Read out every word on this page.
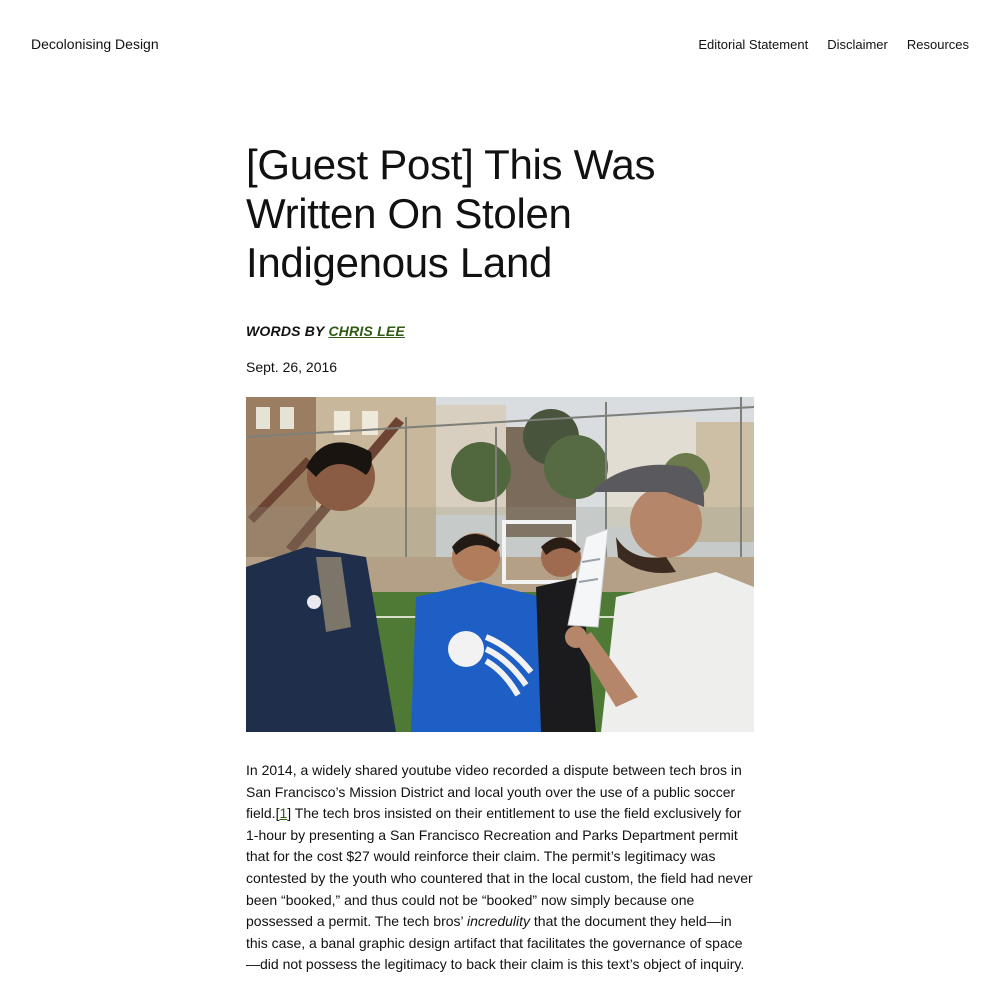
Decolonising Design	Editorial Statement Disclaimer Resources
[Guest Post] This Was Written On Stolen Indigenous Land
WORDS BY CHRIS LEE
Sept. 26, 2016

In 2014, a widely shared youtube video recorded a dispute between tech bros in San Francisco’s Mission District and local youth over the use of a public soccer field.[1] The tech bros insisted on their entitlement to use the field exclusively for 1-hour by presenting a San Francisco Recreation and Parks Department permit that for the cost $27 would reinforce their claim. The permit’s legitimacy was contested by the youth who countered that in the local custom, the field had never been “booked,” and thus could not be “booked” now simply because one possessed a permit. The tech bros’ incredulity that the document they held—in this case, a banal graphic design artifact that facilitates the governance of space—did not possess the legitimacy to back their claim is this text’s object of inquiry.
